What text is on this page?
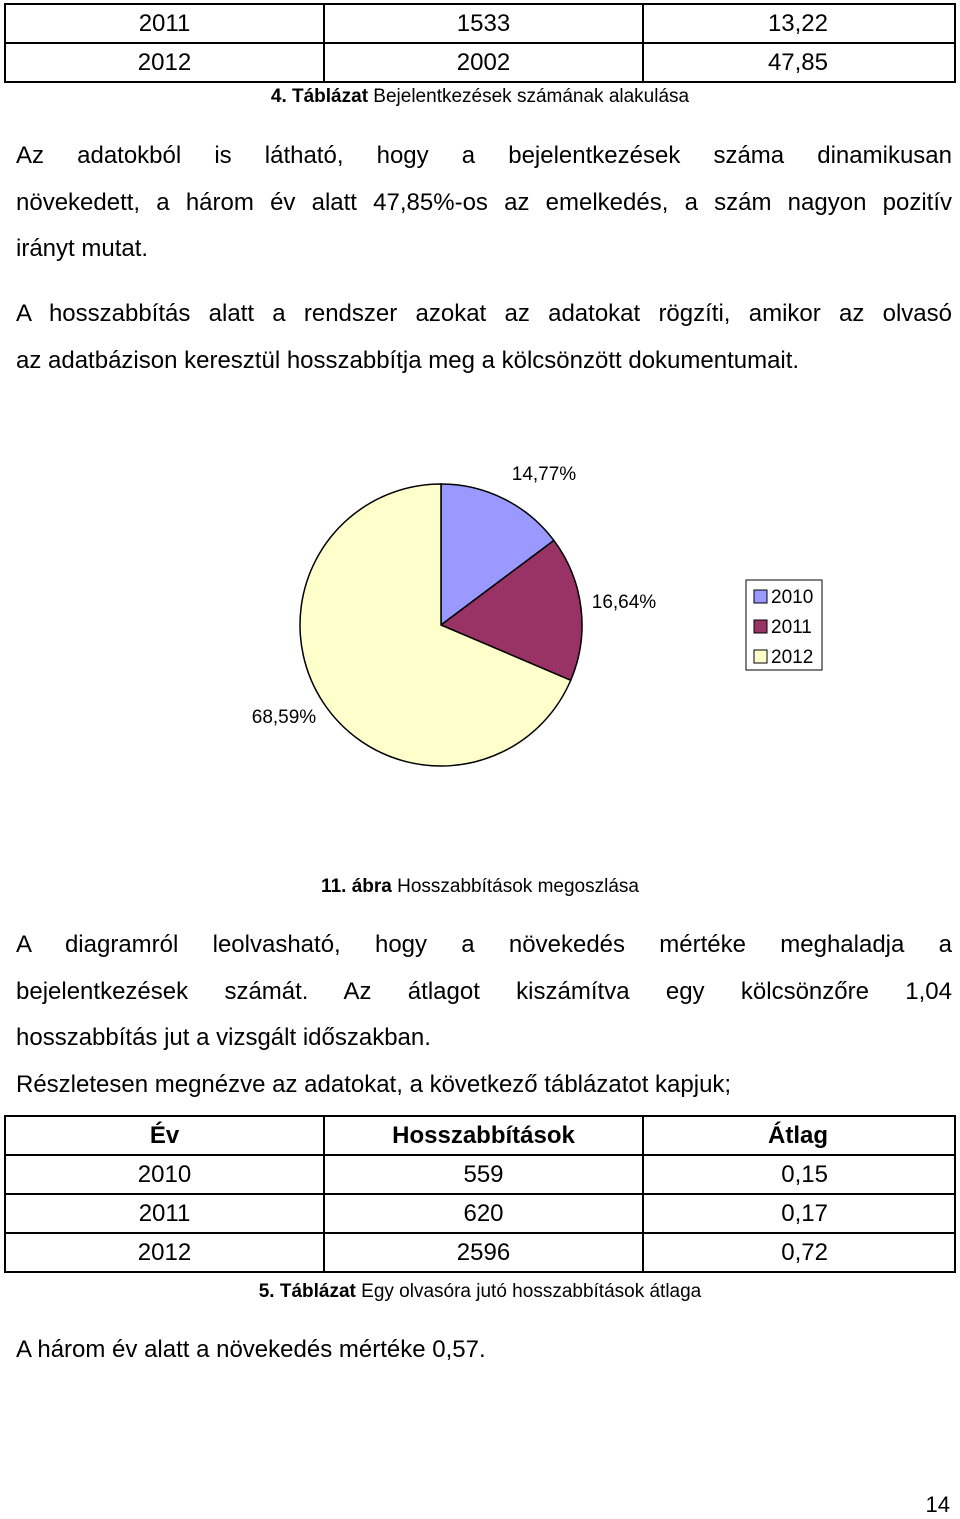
2011	1533	13,22
2012	2002	47,85
4. Táblázat Bejelentkezések számának alakulása
Az adatokból is látható, hogy a bejelentkezések száma dinamikusan
növekedett, a három év alatt 47,85%-os az emelkedés, a szám nagyon pozitív
irányt mutat.
A hosszabbítás alatt a rendszer azokat az adatokat rögzíti, amikor az olvasó
az adatbázison keresztül hosszabbítja meg a kölcsönzött dokumentumait.
14,77%
16,64%
68,59%
2010
2011
2012
11. ábra Hosszabbítások megoszlása
A diagramról leolvasható, hogy a növekedés mértéke meghaladja a
bejelentkezések számát. Az átlagot kiszámítva egy kölcsönzőre 1,04
hosszabbítás jut a vizsgált időszakban.
Részletesen megnézve az adatokat, a következő táblázatot kapjuk;
Év	Hosszabbítások	Átlag
2010	559	0,15
2011	620	0,17
2012	2596	0,72
5. Táblázat Egy olvasóra jutó hosszabbítások átlaga
A három év alatt a növekedés mértéke 0,57.
14
